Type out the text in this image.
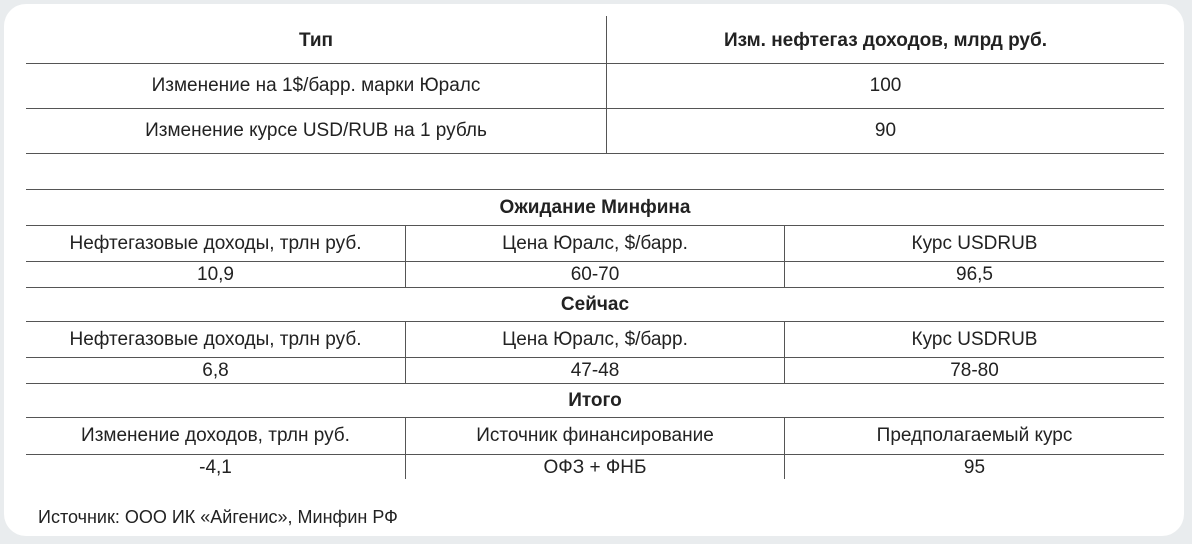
Тип	Изм. нефтегаз доходов, млрд руб.
Изменение на 1$/барр. марки Юралс	100
Изменение курсе USD/RUB на 1 рубль	90
Ожидание Минфина
Нефтегазовые доходы, трлн руб.	Цена Юралс, $/барр.	Курс USDRUB
10,9	60-70	96,5
Сейчас
Нефтегазовые доходы, трлн руб.	Цена Юралс, $/барр.	Курс USDRUB
6,8	47-48	78-80
Итого
Изменение доходов, трлн руб.	Источник финансирование	Предполагаемый курс
-4,1	ОФЗ + ФНБ	95
Источник: ООО ИК «Айгенис», Минфин РФ
